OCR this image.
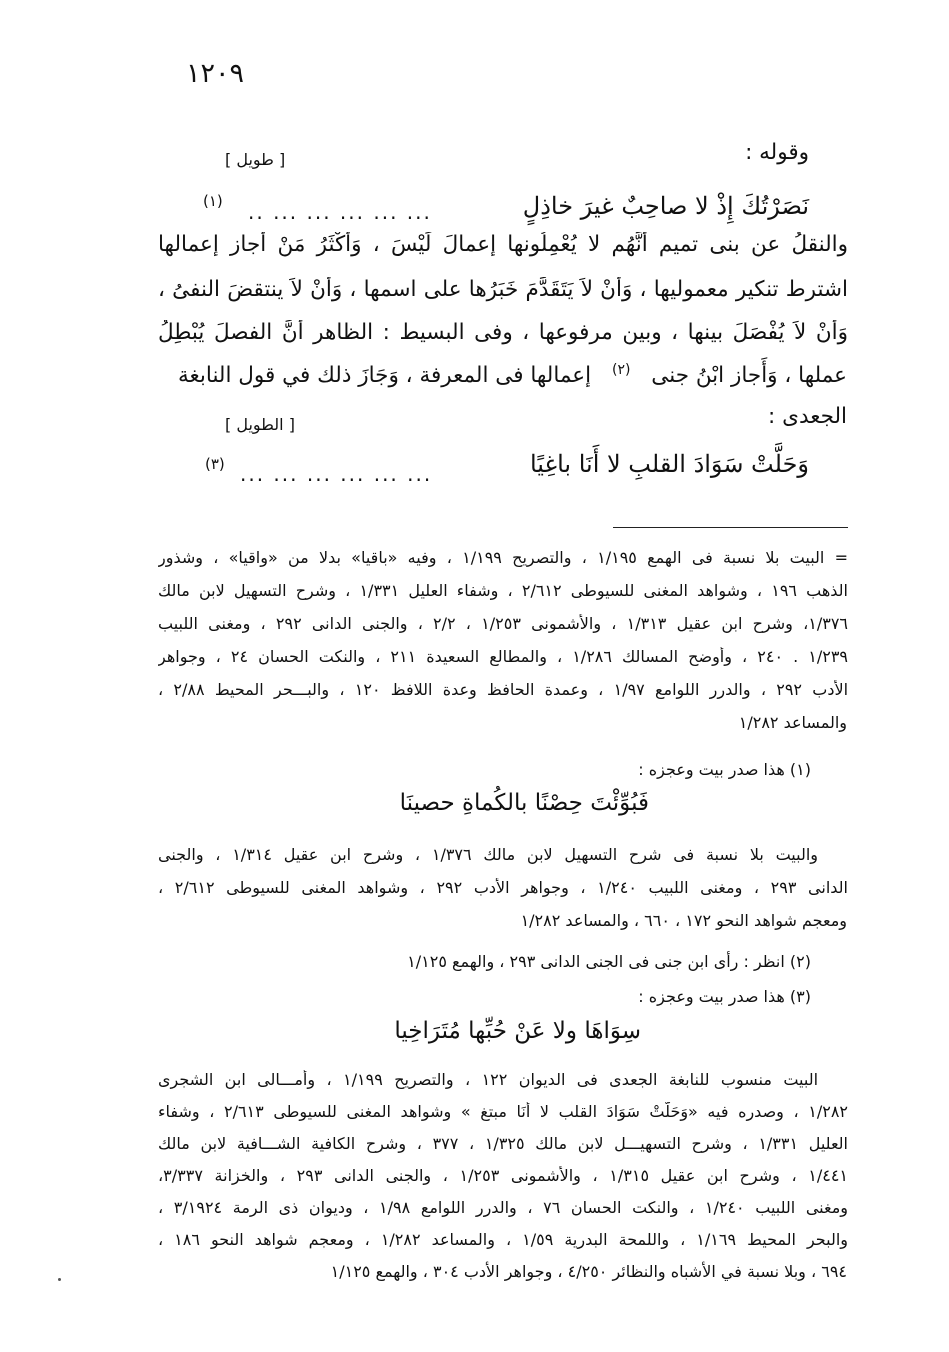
١٢٠٩
وقوله :
[ طويل ]
نَصَرْتُكَ إِذْ لا صاحِبٌ غيرَ خاذِلٍ
.. ... ... ... ... ...
(١)
والنقلُ عن بنى تميم أَنَّهُم لا يُعْمِلُونها إعمالَ لَيْسَ ، وَأَكْثَرُ مَنْ أجاز إعمالها
اشترط تنكير معموليها ، وَأَنْ لاَ يَتَقَدَّمَ خَبَرُها على اسمها ، وَأَنْ لاَ ينتقضَ النفىُ ،
وَأَنْ لاَ يُفْصَلَ بينها ، وبين مرفوعها ، وفى البسيط : الظاهر أَنَّ الفصلَ يُبْطِلُ
عملها ، وَأَجاز ابْنُ جنى $^{(٢)}$ إعمالها فى المعرفة ، وَجَازَ ذلك في قول النابغة
الجعدى :
[ الطويل ]
وَحَلَّتْ سَوَادَ القلبِ لا أَنَا باغِيًا
... ... ... ... ... ...
(٣)
= البيت بلا نسبة فى الهمع ١/١٩٥ ، والتصريح ١/١٩٩ ، وفيه «باقيا» بدلا من «واقيا» ، وشذور
الذهب ١٩٦ ، وشواهد المغنى للسيوطى ٢/٦١٢ ، وشفاء العليل ١/٣٣١ ، وشرح التسهيل لابن مالك
١/٣٧٦، وشرح ابن عقيل ١/٣١٣ ، والأشمونى ١/٢٥٣ ، ٢/٢ ، والجنى الدانى ٢٩٢ ، ومغنى اللبيب
١/٢٣٩ . ٢٤٠ ، وأوضح المسالك ١/٢٨٦ ، والمطالع السعيدة ٢١١ ، والنكت الحسان ٢٤ ، وجواهر
الأدب ٢٩٢ ، والدرر اللوامع ١/٩٧ ، وعمدة الحافظ وعدة اللافظ ١٢٠ ، والبـــحر المحيط ٢/٨٨ ،
والمساعد ١/٢٨٢
(١) هذا صدر بيت وعجزه :
فَبُوِّئْتَ حِصْنًا بالكُماةِ حصينَا
والبيت بلا نسبة فى شرح التسهيل لابن مالك ١/٣٧٦ ، وشرح ابن عقيل ١/٣١٤ ، والجنى
الدانى ٢٩٣ ، ومغنى اللبيب ١/٢٤٠ ، وجواهر الأدب ٢٩٢ ، وشواهد المغنى للسيوطى ٢/٦١٢ ،
ومعجم شواهد النحو ١٧٢ ، ٦٦٠ ، والمساعد ١/٢٨٢
(٢) انظر : رأى ابن جنى فى الجنى الدانى ٢٩٣ ، والهمع ١/١٢٥
(٣) هذا صدر بيت وعجزه :
سِوَاهَا ولا عَنْ حُبِّها مُتَرَاخِيا
البيت منسوب للنابغة الجعدى فى الديوان ١٢٢ ، والتصريح ١/١٩٩ ، وأمـــالى ابن الشجرى
١/٢٨٢ ، وصدره فيه «وَحَلَّتْ سَوَادَ القلب لا أَنَا مبتغ » وشواهد المغنى للسيوطى ٢/٦١٣ ، وشفاء
العليل ١/٣٣١ ، وشرح التسهيـــل لابن مالك ١/٣٢٥ ، ٣٧٧ ، وشرح الكافية الشـــافية لابن مالك
١/٤٤١ ، وشرح ابن عقيل ١/٣١٥ ، والأشمونى ١/٢٥٣ ، والجنى الدانى ٢٩٣ ، والخزانة ٣/٣٣٧،
ومغنى اللبيب ١/٢٤٠ ، والنكت الحسان ٧٦ ، والدرر اللوامع ١/٩٨ ، وديوان ذى الرمة ٣/١٩٢٤ ،
والبحر المحيط ١/١٦٩ ، واللمحة البدرية ١/٥٩ ، والمساعد ١/٢٨٢ ، ومعجم شواهد النحو ١٨٦ ،
٦٩٤ ، وبلا نسبة في الأشباه والنظائر ٤/٢٥٠ ، وجواهر الأدب ٣٠٤ ، والهمع ١/١٢٥
